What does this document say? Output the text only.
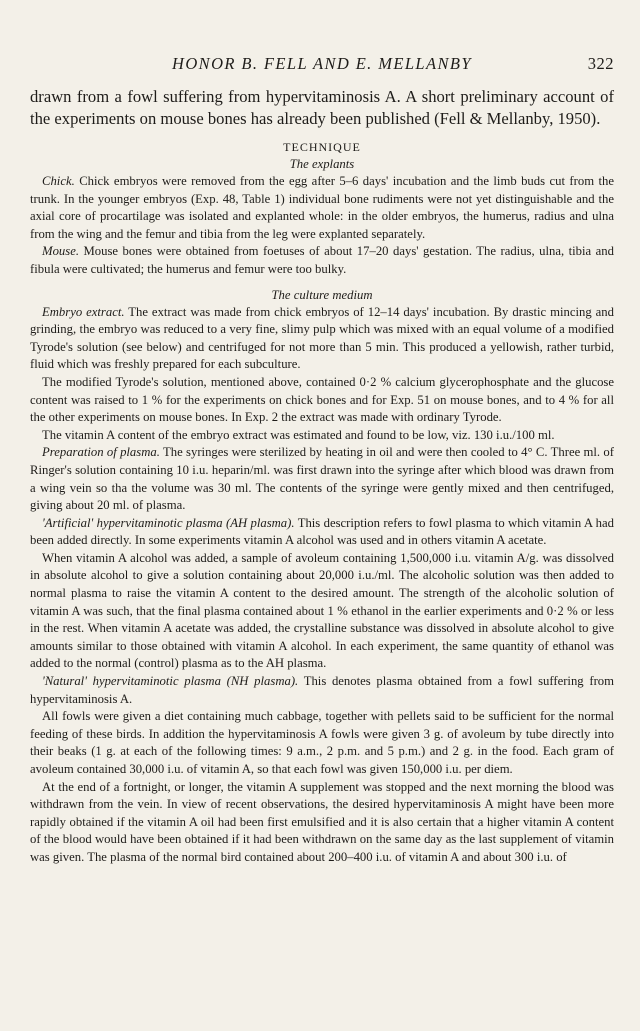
HONOR B. FELL AND E. MELLANBY	322

drawn from a fowl suffering from hypervitaminosis A. A short preliminary account of the experiments on mouse bones has already been published (Fell & Mellanby, 1950).

TECHNIQUE
The explants

Chick. Chick embryos were removed from the egg after 5–6 days' incubation and the limb buds cut from the trunk. In the younger embryos (Exp. 48, Table 1) individual bone rudiments were not yet distinguishable and the axial core of procartilage was isolated and explanted whole: in the older embryos, the humerus, radius and ulna from the wing and the femur and tibia from the leg were explanted separately.

Mouse. Mouse bones were obtained from foetuses of about 17–20 days' gestation. The radius, ulna, tibia and fibula were cultivated; the humerus and femur were too bulky.

The culture medium

Embryo extract. The extract was made from chick embryos of 12–14 days' incubation. By drastic mincing and grinding, the embryo was reduced to a very fine, slimy pulp which was mixed with an equal volume of a modified Tyrode's solution (see below) and centrifuged for not more than 5 min. This produced a yellowish, rather turbid, fluid which was freshly prepared for each subculture.

The modified Tyrode's solution, mentioned above, contained 0·2 % calcium glycerophosphate and the glucose content was raised to 1 % for the experiments on chick bones and for Exp. 51 on mouse bones, and to 4 % for all the other experiments on mouse bones. In Exp. 2 the extract was made with ordinary Tyrode.

The vitamin A content of the embryo extract was estimated and found to be low, viz. 130 i.u./100 ml.

Preparation of plasma. The syringes were sterilized by heating in oil and were then cooled to 4° C. Three ml. of Ringer's solution containing 10 i.u. heparin/ml. was first drawn into the syringe after which blood was drawn from a wing vein so tha the volume was 30 ml. The contents of the syringe were gently mixed and then centrifuged, giving about 20 ml. of plasma.

'Artificial' hypervitaminotic plasma (AH plasma). This description refers to fowl plasma to which vitamin A had been added directly. In some experiments vitamin A alcohol was used and in others vitamin A acetate.

When vitamin A alcohol was added, a sample of avoleum containing 1,500,000 i.u. vitamin A/g. was dissolved in absolute alcohol to give a solution containing about 20,000 i.u./ml. The alcoholic solution was then added to normal plasma to raise the vitamin A content to the desired amount. The strength of the alcoholic solution of vitamin A was such, that the final plasma contained about 1 % ethanol in the earlier experiments and 0·2 % or less in the rest. When vitamin A acetate was added, the crystalline substance was dissolved in absolute alcohol to give amounts similar to those obtained with vitamin A alcohol. In each experiment, the same quantity of ethanol was added to the normal (control) plasma as to the AH plasma.

'Natural' hypervitaminotic plasma (NH plasma). This denotes plasma obtained from a fowl suffering from hypervitaminosis A.

All fowls were given a diet containing much cabbage, together with pellets said to be sufficient for the normal feeding of these birds. In addition the hypervitaminosis A fowls were given 3 g. of avoleum by tube directly into their beaks (1 g. at each of the following times: 9 a.m., 2 p.m. and 5 p.m.) and 2 g. in the food. Each gram of avoleum contained 30,000 i.u. of vitamin A, so that each fowl was given 150,000 i.u. per diem.

At the end of a fortnight, or longer, the vitamin A supplement was stopped and the next morning the blood was withdrawn from the vein. In view of recent observations, the desired hypervitaminosis A might have been more rapidly obtained if the vitamin A oil had been first emulsified and it is also certain that a higher vitamin A content of the blood would have been obtained if it had been withdrawn on the same day as the last supplement of vitamin was given. The plasma of the normal bird contained about 200–400 i.u. of vitamin A and about 300 i.u. of
